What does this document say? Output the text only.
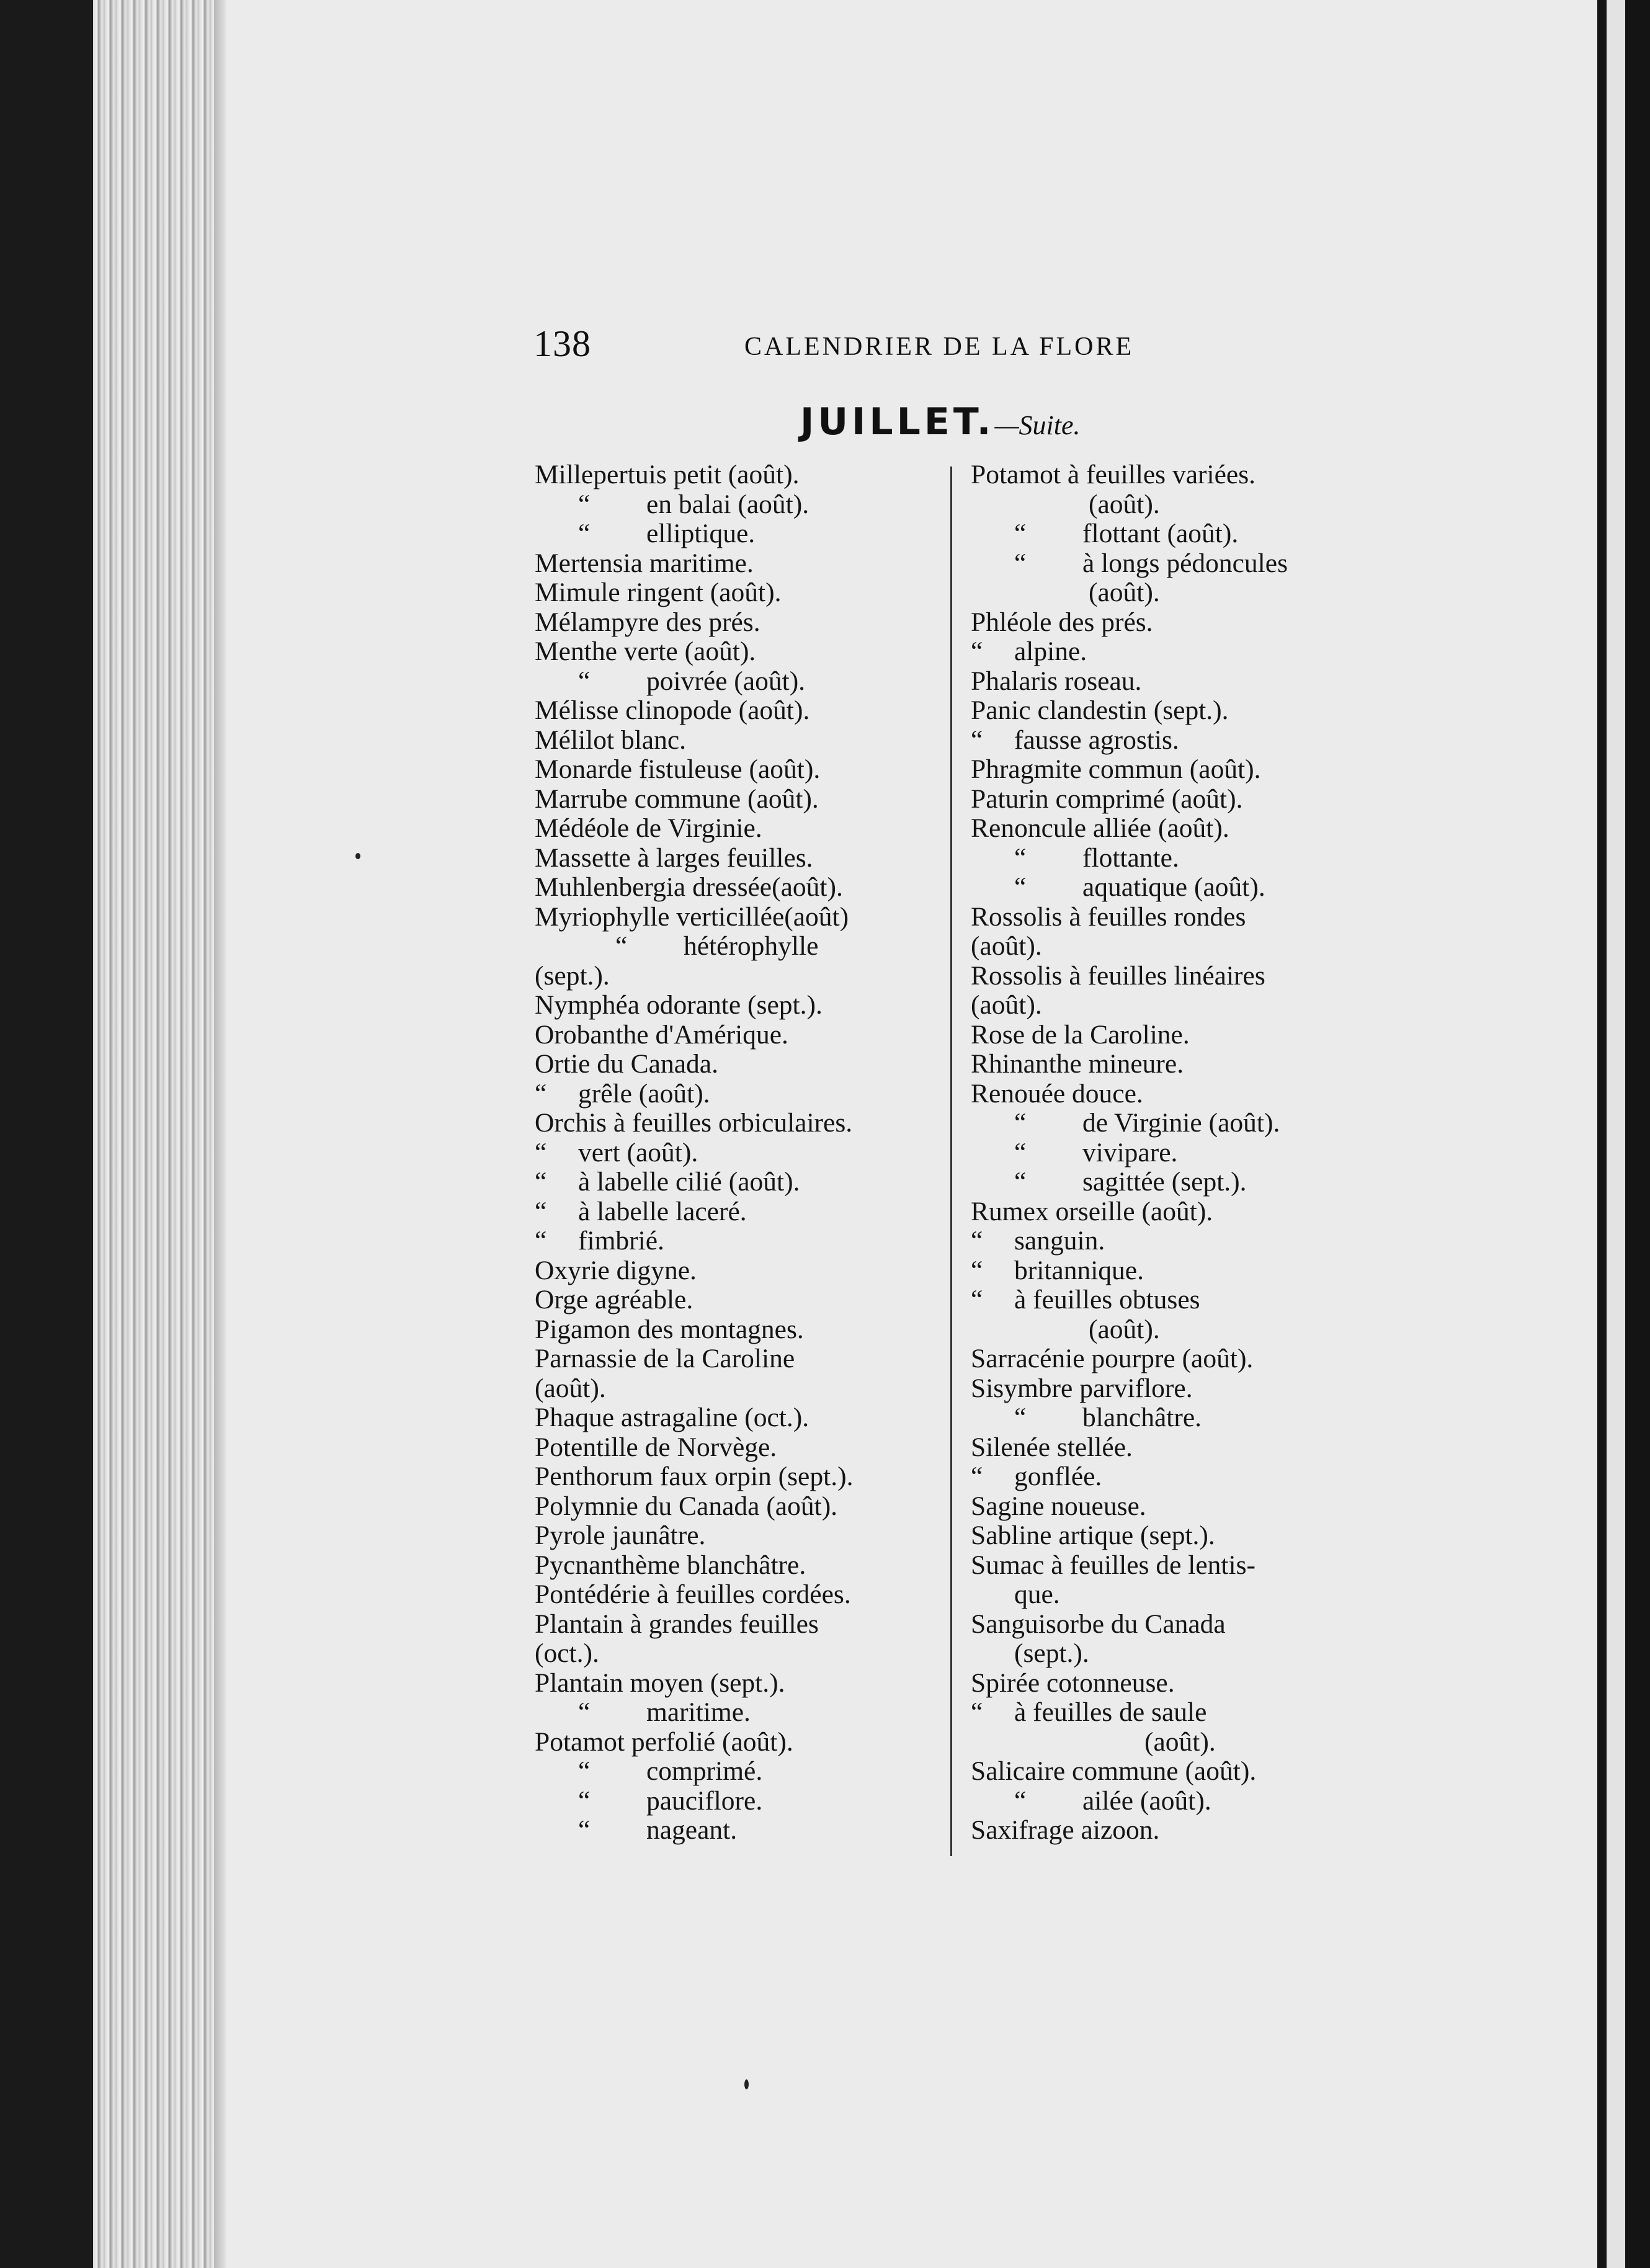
138	CALENDRIER DE LA FLORE
JUILLET.—Suite.
Millepertuis petit (août).
“ en balai (août).
“ elliptique.
Mertensia maritime.
Mimule ringent (août).
Mélampyre des prés.
Menthe verte (août).
“ poivrée (août).
Mélisse clinopode (août).
Mélilot blanc.
Monarde fistuleuse (août).
Marrube commune (août).
Médéole de Virginie.
Massette à larges feuilles.
Muhlenbergia dressée(août).
Myriophylle verticillée(août)
“ hétérophylle
(sept.).
Nymphéa odorante (sept.).
Orobanthe d'Amérique.
Ortie du Canada.
“ grêle (août).
Orchis à feuilles orbiculaires.
“ vert (août).
“ à labelle cilié (août).
“ à labelle laceré.
“ fimbrié.
Oxyrie digyne.
Orge agréable.
Pigamon des montagnes.
Parnassie de la Caroline
(août).
Phaque astragaline (oct.).
Potentille de Norvège.
Penthorum faux orpin (sept.).
Polymnie du Canada (août).
Pyrole jaunâtre.
Pycnanthème blanchâtre.
Pontédérie à feuilles cordées.
Plantain à grandes feuilles
(oct.).
Plantain moyen (sept.).
“ maritime.
Potamot perfolié (août).
“ comprimé.
“ pauciflore.
“ nageant.
Potamot à feuilles variées.
(août).
“ flottant (août).
“ à longs pédoncules
(août).
Phléole des prés.
“ alpine.
Phalaris roseau.
Panic clandestin (sept.).
“ fausse agrostis.
Phragmite commun (août).
Paturin comprimé (août).
Renoncule alliée (août).
“ flottante.
“ aquatique (août).
Rossolis à feuilles rondes
(août).
Rossolis à feuilles linéaires
(août).
Rose de la Caroline.
Rhinanthe mineure.
Renouée douce.
“ de Virginie (août).
“ vivipare.
“ sagittée (sept.).
Rumex orseille (août).
“ sanguin.
“ britannique.
“ à feuilles obtuses
(août).
Sarracénie pourpre (août).
Sisymbre parviflore.
“ blanchâtre.
Silenée stellée.
“ gonflée.
Sagine noueuse.
Sabline artique (sept.).
Sumac à feuilles de lentis-
que.
Sanguisorbe du Canada
(sept.).
Spirée cotonneuse.
“ à feuilles de saule
(août).
Salicaire commune (août).
“ ailée (août).
Saxifrage aizoon.
